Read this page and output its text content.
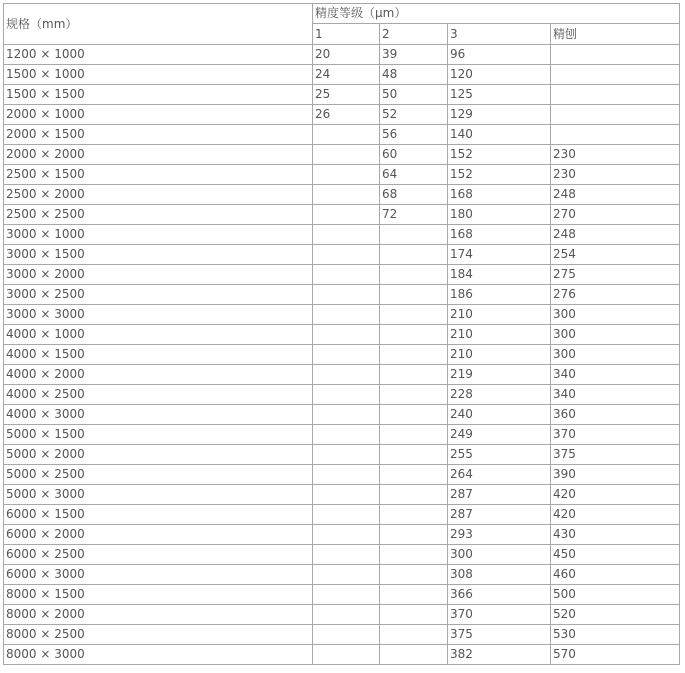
规格（mm）	精度等级（μm）			
	1	2	3	精刨
1200 × 1000	20	39	96	
1500 × 1000	24	48	120	
1500 × 1500	25	50	125	
2000 × 1000	26	52	129	
2000 × 1500		56	140	
2000 × 2000		60	152	230
2500 × 1500		64	152	230
2500 × 2000		68	168	248
2500 × 2500		72	180	270
3000 × 1000			168	248
3000 × 1500			174	254
3000 × 2000			184	275
3000 × 2500			186	276
3000 × 3000			210	300
4000 × 1000			210	300
4000 × 1500			210	300
4000 × 2000			219	340
4000 × 2500			228	340
4000 × 3000			240	360
5000 × 1500			249	370
5000 × 2000			255	375
5000 × 2500			264	390
5000 × 3000			287	420
6000 × 1500			287	420
6000 × 2000			293	430
6000 × 2500			300	450
6000 × 3000			308	460
8000 × 1500			366	500
8000 × 2000			370	520
8000 × 2500			375	530
8000 × 3000			382	570
